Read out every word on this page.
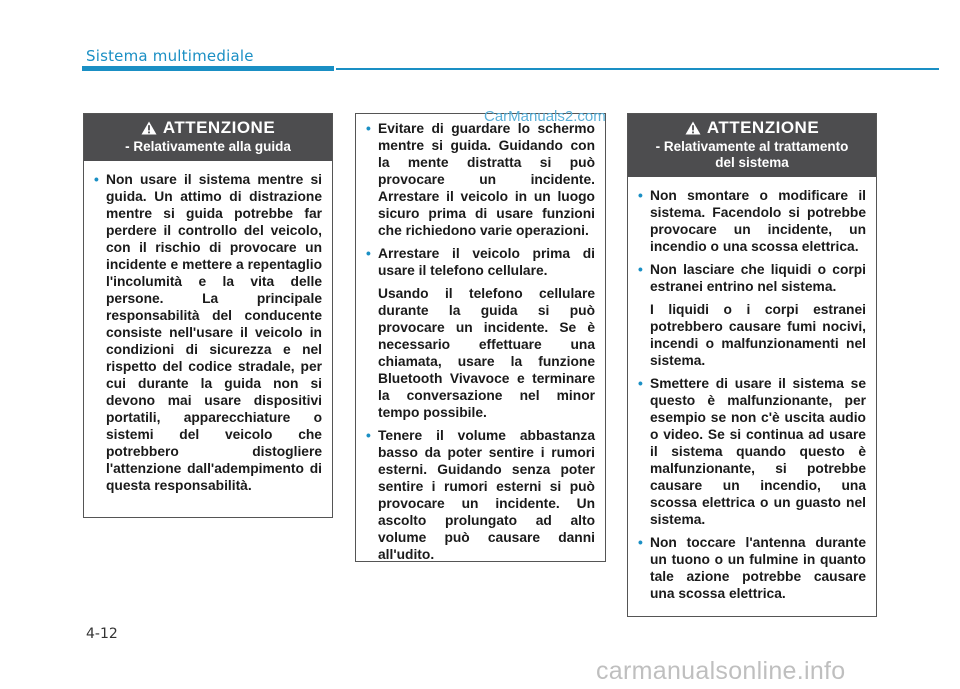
Sistema multimediale
ATTENZIONE
- Relativamente alla guida
• Non usare il sistema mentre si guida. Un attimo di distrazione mentre si guida potrebbe far perdere il controllo del veicolo, con il rischio di provocare un incidente e mettere a repentaglio l'incolumità e la vita delle persone. La principale responsabilità del conducente consiste nell'usare il veicolo in condizioni di sicurezza e nel rispetto del codice stradale, per cui durante la guida non si devono mai usare dispositivi portatili, apparecchiature o sistemi del veicolo che potrebbero distogliere l'attenzione dall'adempimento di questa responsabilità.
• Evitare di guardare lo schermo mentre si guida. Guidando con la mente distratta si può provocare un incidente. Arrestare il veicolo in un luogo sicuro prima di usare funzioni che richiedono varie operazioni.
• Arrestare il veicolo prima di usare il telefono cellulare.
Usando il telefono cellulare durante la guida si può provocare un incidente. Se è necessario effettuare una chiamata, usare la funzione Bluetooth Vivavoce e terminare la conversazione nel minor tempo possibile.
• Tenere il volume abbastanza basso da poter sentire i rumori esterni. Guidando senza poter sentire i rumori esterni si può provocare un incidente. Un ascolto prolungato ad alto volume può causare danni all'udito.
ATTENZIONE
- Relativamente al trattamento del sistema
• Non smontare o modificare il sistema. Facendolo si potrebbe provocare un incidente, un incendio o una scossa elettrica.
• Non lasciare che liquidi o corpi estranei entrino nel sistema.
I liquidi o i corpi estranei potrebbero causare fumi nocivi, incendi o malfunzionamenti nel sistema.
• Smettere di usare il sistema se questo è malfunzionante, per esempio se non c'è uscita audio o video. Se si continua ad usare il sistema quando questo è malfunzionante, si potrebbe causare un incendio, una scossa elettrica o un guasto nel sistema.
• Non toccare l'antenna durante un tuono o un fulmine in quanto tale azione potrebbe causare una scossa elettrica.
4-12
CarManuals2.com
carmanualsonline.info
